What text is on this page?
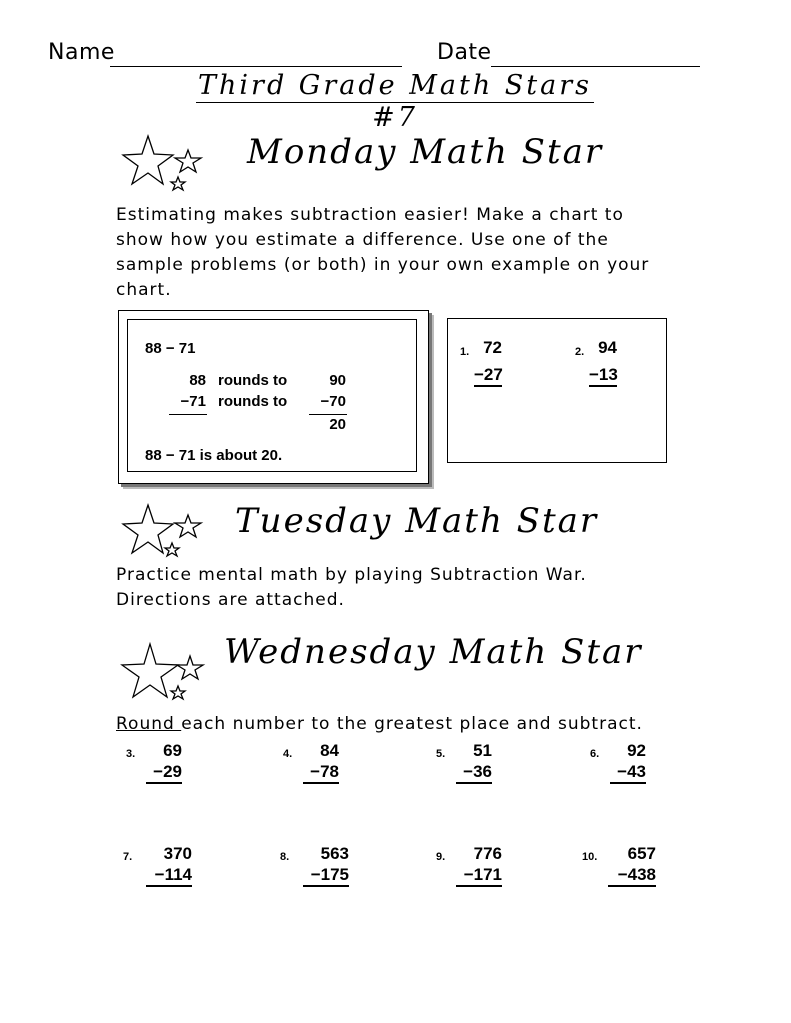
Name	Date
Third Grade Math Stars #7
Monday Math Star
Estimating makes subtraction easier! Make a chart to
show how you estimate a difference. Use one of the
sample problems (or both) in your own example on your
chart.
88 − 71
88 rounds to	90
−71 rounds to	−70
20
88 − 71 is about 20.
1. 72
−27
2. 94
−13
Tuesday Math Star
Practice mental math by playing Subtraction War.
Directions are attached.
Wednesday Math Star
Round each number to the greatest place and subtract.
3.	69
−29
4.	84
−78
5.	51
−36
6.	92
−43
7.	370
−114
8.	563
−175
9.	776
−171
10.	657
−438
